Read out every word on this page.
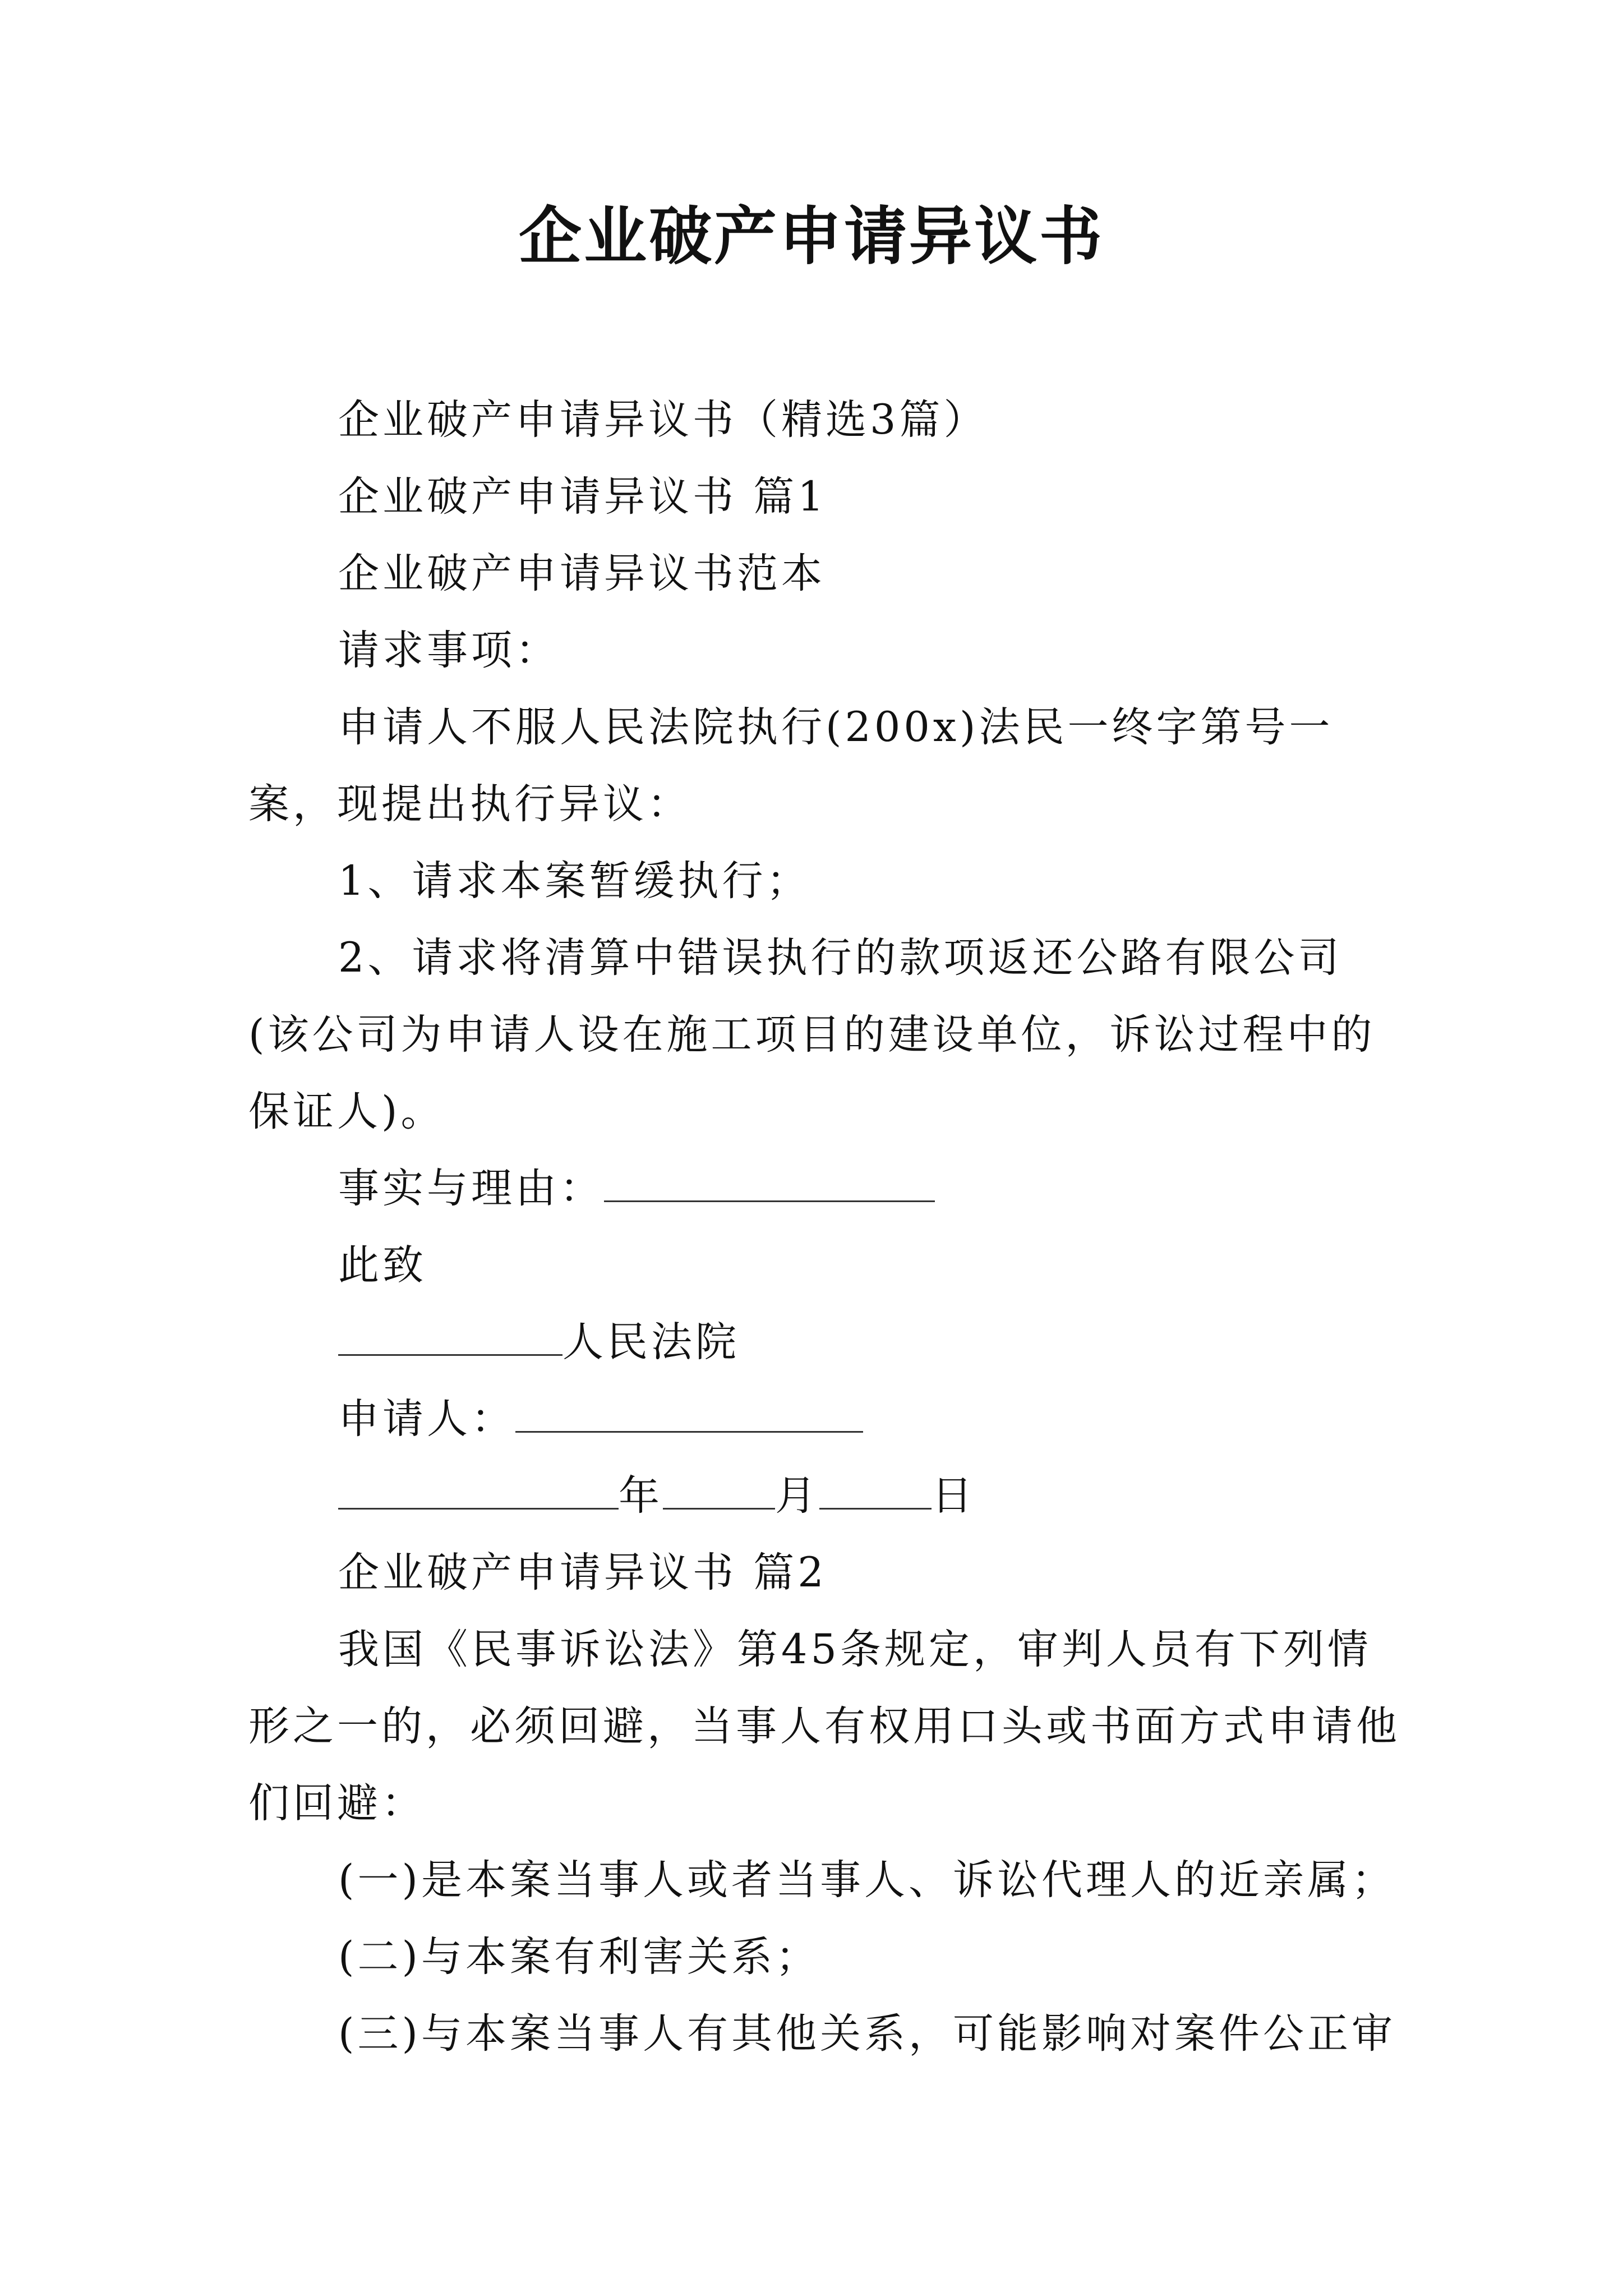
企业破产申请异议书

企业破产申请异议书（精选3篇）

企业破产申请异议书 篇1

企业破产申请异议书范本

请求事项：

申请人不服人民法院执行(200x)法民一终字第号一案，现提出执行异议：

1、请求本案暂缓执行；

2、请求将清算中错误执行的款项返还公路有限公司(该公司为申请人设在施工项目的建设单位，诉讼过程中的保证人)。

事实与理由：

此致

人民法院

申请人：

年	月	日

企业破产申请异议书 篇2

我国《民事诉讼法》第45条规定，审判人员有下列情形之一的，必须回避，当事人有权用口头或书面方式申请他们回避：

(一)是本案当事人或者当事人、诉讼代理人的近亲属；

(二)与本案有利害关系；

(三)与本案当事人有其他关系，可能影响对案件公正审
